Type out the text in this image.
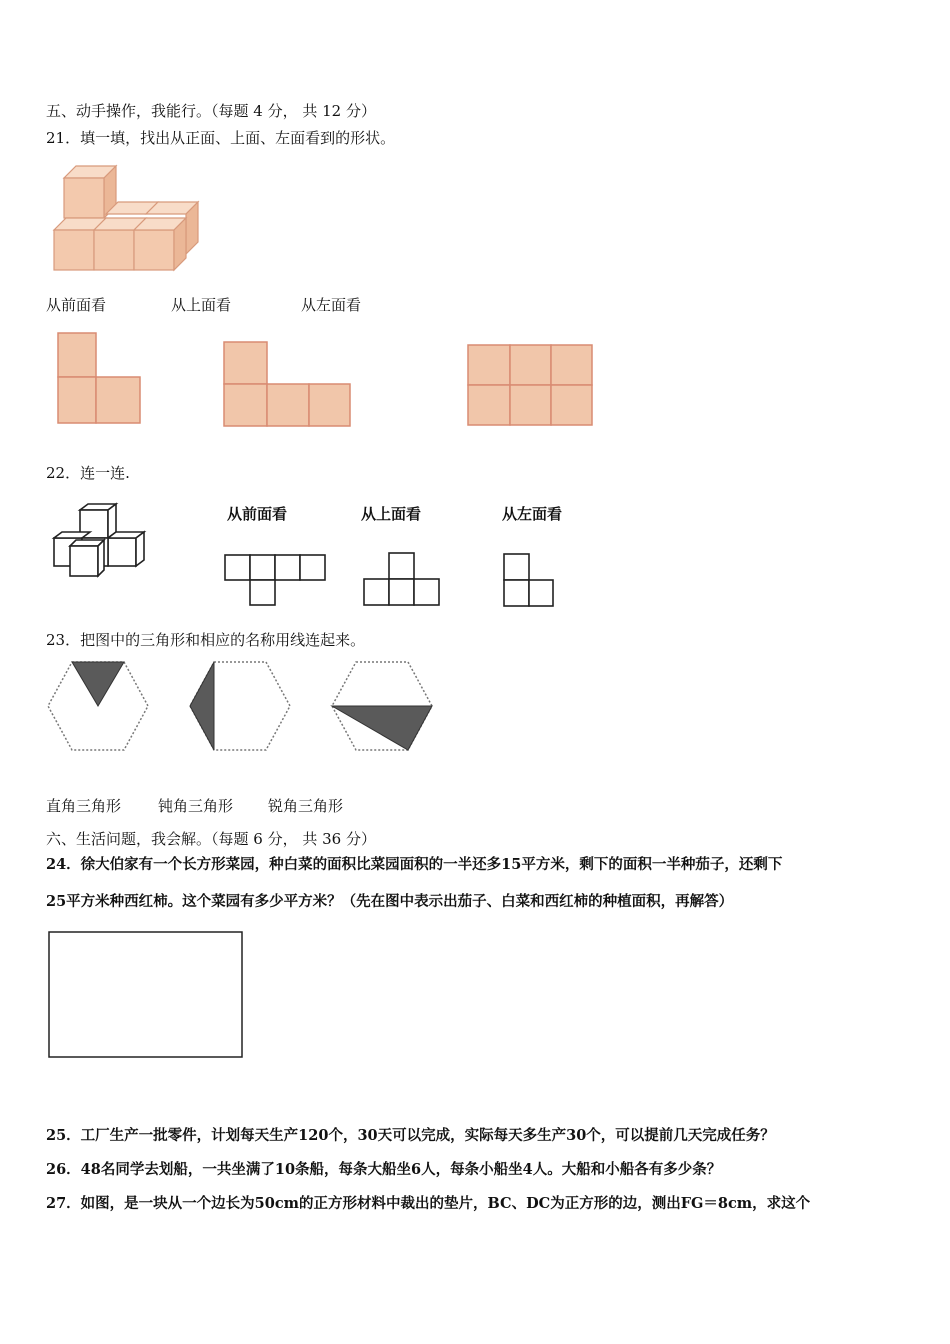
五、动手操作，我能行。（每题 4 分， 共 12 分）
21．填一填，找出从正面、上面、左面看到的形状。
从前面看	从上面看	从左面看
22．连一连.
从前面看	从上面看	从左面看
23．把图中的三角形和相应的名称用线连起来。
直角三角形 钝角三角形 锐角三角形
六、生活问题，我会解。（每题 6 分， 共 36 分）
24．徐大伯家有一个长方形菜园，种白菜的面积比菜园面积的一半还多15平方米，剩下的面积一半种茄子，还剩下
25平方米种西红柿。这个菜园有多少平方米？（先在图中表示出茄子、白菜和西红柿的种植面积，再解答）
25．工厂生产一批零件，计划每天生产120个，30天可以完成，实际每天多生产30个，可以提前几天完成任务？
26．48名同学去划船，一共坐满了10条船，每条大船坐6人，每条小船坐4人。大船和小船各有多少条？
27．如图，是一块从一个边长为50cm的正方形材料中裁出的垫片，BC、DC为正方形的边，测出FG＝8cm，求这个
